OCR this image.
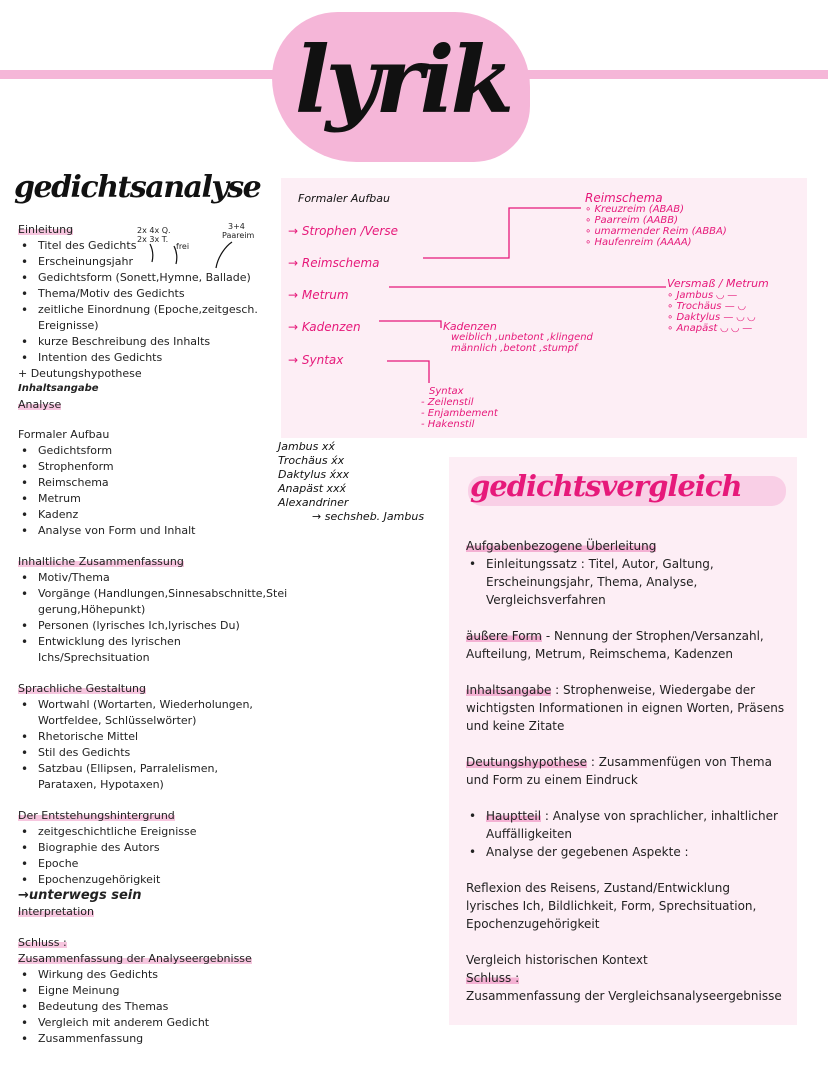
lyrik
gedichtsanalyse
2x 4x Q.
2x 3x T.
frei
3+4
Paareim
Einleitung
• Titel des Gedichts
• Erscheinungsjahr
• Gedichtsform (Sonett,Hymne, Ballade)
• Thema/Motiv des Gedichts
• zeitliche Einordnung (Epoche,zeitgesch. Ereignisse)
• kurze Beschreibung des Inhalts
• Intention des Gedichts
+ Deutungshypothese
Inhaltsangabe
Analyse
Formaler Aufbau
• Gedichtsform
• Strophenform
• Reimschema
• Metrum
• Kadenz
• Analyse von Form und Inhalt
Inhaltliche Zusammenfassung
• Motiv/Thema
• Vorgänge (Handlungen,Sinnesabschnitte,Steigerung,Höhepunkt)
• Personen (lyrisches Ich,lyrisches Du)
• Entwicklung des lyrischen Ichs/Sprechsituation
Sprachliche Gestaltung
• Wortwahl (Wortarten, Wiederholungen, Wortfeldee, Schlüsselwörter)
• Rhetorische Mittel
• Stil des Gedichts
• Satzbau (Ellipsen, Parralelismen, Parataxen, Hypotaxen)
Der Entstehungshintergrund
• zeitgeschichtliche Ereignisse
• Biographie des Autors
• Epoche
• Epochenzugehörigkeit
→unterwegs sein
Interpretation
Schluss :
Zusammenfassung der Analyseergebnisse
• Wirkung des Gedichts
• Eigne Meinung
• Bedeutung des Themas
• Vergleich mit anderem Gedicht
• Zusammenfassung
Formaler Aufbau
→ Strophen /Verse
→ Reimschema
→ Metrum
→ Kadenzen
→ Syntax
Reimschema
∘ Kreuzreim (ABAB)
∘ Paarreim (AABB)
∘ umarmender Reim (ABBA)
∘ Haufenreim (AAAA)
Versmaß / Metrum
∘ Jambus ◡ —
∘ Trochäus — ◡
∘ Daktylus — ◡ ◡
∘ Anapäst ◡ ◡ —
Kadenzen
weiblich ,unbetont ,klingend
männlich ,betont ,stumpf
Syntax
- Zeilenstil
- Enjambement
- Hakenstil
Jambus xx́
Trochäus x́x
Daktylus x́xx
Anapäst xxx́
Alexandriner
→ sechsheb. Jambus
gedichtsvergleich
Aufgabenbezogene Überleitung
• Einleitungssatz : Titel, Autor, Galtung, Erscheinungsjahr, Thema, Analyse, Vergleichsverfahren
äußere Form - Nennung der Strophen/Versanzahl, Aufteilung, Metrum, Reimschema, Kadenzen
Inhaltsangabe : Strophenweise, Wiedergabe der wichtigsten Informationen in eignen Worten, Präsens und keine Zitate
Deutungshypothese : Zusammenfügen von Thema und Form zu einem Eindruck
• Hauptteil : Analyse von sprachlicher, inhaltlicher Auffälligkeiten
• Analyse der gegebenen Aspekte :
Reflexion des Reisens, Zustand/Entwicklung lyrisches Ich, Bildlichkeit, Form, Sprechsituation, Epochenzugehörigkeit
Vergleich historischen Kontext
Schluss :
Zusammenfassung der Vergleichsanalyseergebnisse
